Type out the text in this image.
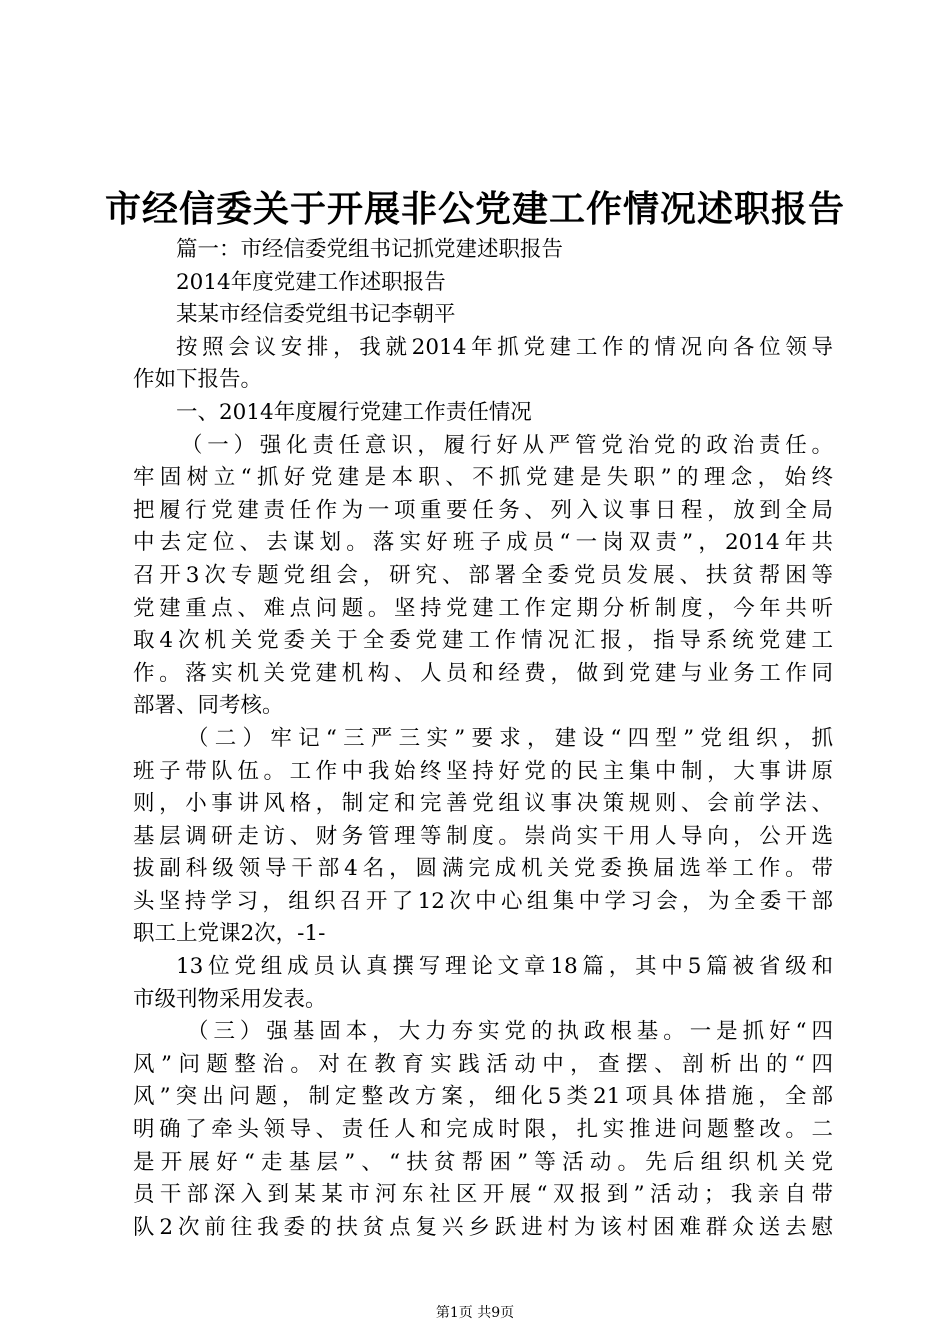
市经信委关于开展非公党建工作情况述职报告
篇一：市经信委党组书记抓党建述职报告
2014年度党建工作述职报告
某某市经信委党组书记李朝平
按照会议安排，我就2014年抓党建工作的情况向各位领导
作如下报告。
一、2014年度履行党建工作责任情况
（一）强化责任意识，履行好从严管党治党的政治责任。
牢固树立“抓好党建是本职、不抓党建是失职”的理念，始终
把履行党建责任作为一项重要任务、列入议事日程，放到全局
中去定位、去谋划。落实好班子成员“一岗双责”，2014年共
召开3次专题党组会，研究、部署全委党员发展、扶贫帮困等
党建重点、难点问题。坚持党建工作定期分析制度，今年共听
取4次机关党委关于全委党建工作情况汇报，指导系统党建工
作。落实机关党建机构、人员和经费，做到党建与业务工作同
部署、同考核。
（二）牢记“三严三实”要求，建设“四型”党组织，抓
班子带队伍。工作中我始终坚持好党的民主集中制，大事讲原
则，小事讲风格，制定和完善党组议事决策规则、会前学法、
基层调研走访、财务管理等制度。崇尚实干用人导向，公开选
拔副科级领导干部4名，圆满完成机关党委换届选举工作。带
头坚持学习，组织召开了12次中心组集中学习会，为全委干部
职工上党课2次，-1-
13位党组成员认真撰写理论文章18篇，其中5篇被省级和
市级刊物采用发表。
（三）强基固本，大力夯实党的执政根基。一是抓好“四
风”问题整治。对在教育实践活动中，查摆、剖析出的“四
风”突出问题，制定整改方案，细化5类21项具体措施，全部
明确了牵头领导、责任人和完成时限，扎实推进问题整改。二
是开展好“走基层”、“扶贫帮困”等活动。先后组织机关党
员干部深入到某某市河东社区开展“双报到”活动；我亲自带
队2次前往我委的扶贫点复兴乡跃进村为该村困难群众送去慰
第1页 共9页
